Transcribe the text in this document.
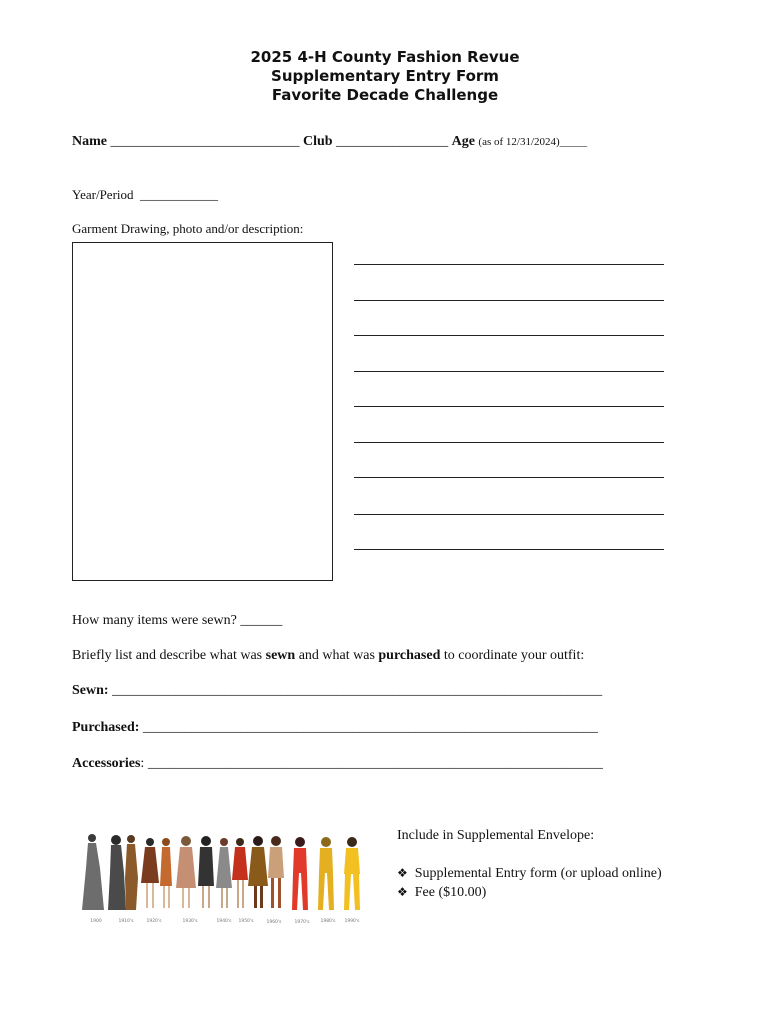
2025 4-H County Fashion Revue
Supplementary Entry Form
Favorite Decade Challenge
Name ___________________________ Club ________________ Age (as of 12/31/2024)_____
Year/Period ____________
Garment Drawing, photo and/or description:
How many items were sewn? ______
Briefly list and describe what was sewn and what was purchased to coordinate your outfit:
Sewn: ______________________________________________________________________
Purchased: _________________________________________________________________
Accessories: _________________________________________________________________
Include in Supplemental Envelope:
❖ Supplemental Entry form (or upload online)
❖ Fee ($10.00)
1900	1910's	1920's	1930's	1940's 1950's	1960's	1970's 1980's 1990's
